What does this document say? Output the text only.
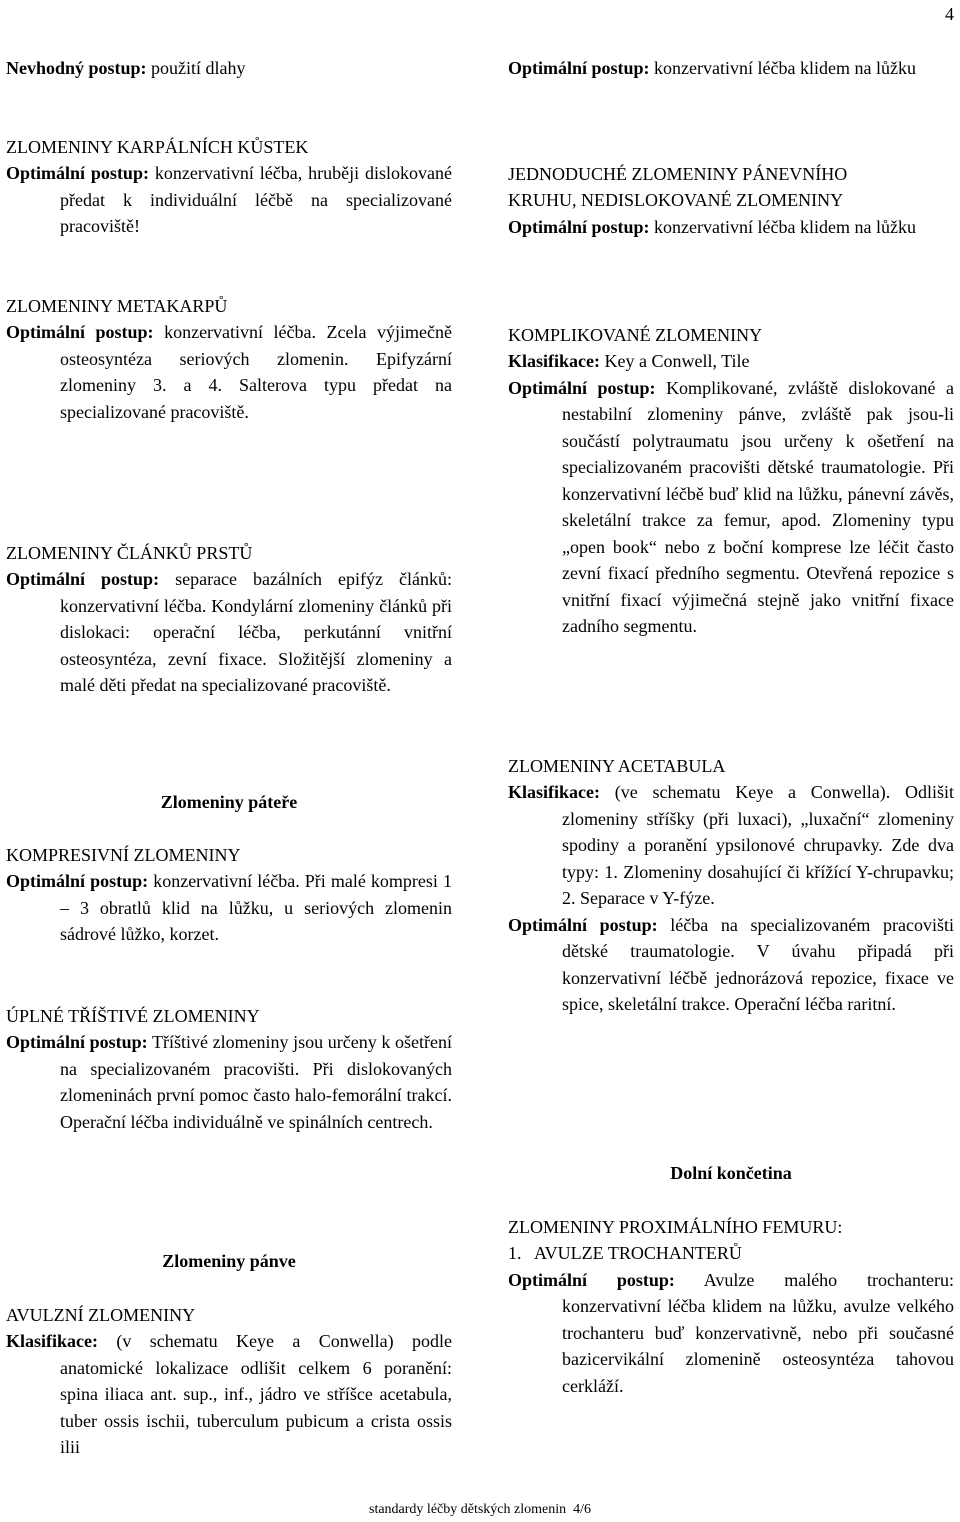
4

Nevhodný postup: použití dlahy

ZLOMENINY KARPÁLNÍCH KŮSTEK

Optimální postup: konzervativní léčba, hruběji dislokované předat k individuální léčbě na specializované pracoviště!

ZLOMENINY METAKARPŮ

Optimální postup: konzervativní léčba. Zcela výjimečně osteosyntéza seriových zlomenin. Epifyzární zlomeniny 3. a 4. Salterova typu předat na specializované pracoviště.

ZLOMENINY ČLÁNKŮ PRSTŮ

Optimální postup: separace bazálních epifýz článků: konzervativní léčba. Kondylární zlomeniny článků při dislokaci: operační léčba, perkutánní vnitřní osteosyntéza, zevní fixace. Složitější zlomeniny a malé děti předat na specializované pracoviště.

Zlomeniny páteře
KOMPRESIVNÍ ZLOMENINY

Optimální postup: konzervativní léčba. Při malé kompresi 1 – 3 obratlů klid na lůžku, u seriových zlomenin sádrové lůžko, korzet.

ÚPLNÉ TŘÍŠTIVÉ ZLOMENINY

Optimální postup: Tříštivé zlomeniny jsou určeny k ošetření na specializovaném pracovišti. Při dislokovaných zlomeninách první pomoc často halo-femorální trakcí. Operační léčba individuálně ve spinálních centrech.

Zlomeniny pánve
AVULZNÍ ZLOMENINY

Klasifikace: (v schematu Keye a Conwella) podle anatomické lokalizace odlišit celkem 6 poranění: spina iliaca ant. sup., inf., jádro ve stříšce acetabula, tuber ossis ischii, tuberculum pubicum a crista ossis ilii

Optimální postup: konzervativní léčba klidem na lůžku

JEDNODUCHÉ ZLOMENINY PÁNEVNÍHO
KRUHU, NEDISLOKOVANÉ ZLOMENINY

Optimální postup: konzervativní léčba klidem na lůžku

KOMPLIKOVANÉ ZLOMENINY

Klasifikace: Key a Conwell, Tile

Optimální postup: Komplikované, zvláště dislokované a nestabilní zlomeniny pánve, zvláště pak jsou-li součástí polytraumatu jsou určeny k ošetření na specializovaném pracovišti dětské traumatologie. Při konzervativní léčbě buď klid na lůžku, pánevní závěs, skeletální trakce za femur, apod. Zlomeniny typu „open book“ nebo z boční komprese lze léčit často zevní fixací předního segmentu. Otevřená repozice s vnitřní fixací výjimečná stejně jako vnitřní fixace zadního segmentu.

ZLOMENINY ACETABULA

Klasifikace: (ve schematu Keye a Conwella). Odlišit zlomeniny stříšky (při luxaci), „luxační“ zlomeniny spodiny a poranění ypsilonové chrupavky. Zde dva typy: 1. Zlomeniny dosahující či křížící Y-chrupavku; 2. Separace v Y-fýze.

Optimální postup: léčba na specializovaném pracovišti dětské traumatologie. V úvahu připadá při konzervativní léčbě jednorázová repozice, fixace ve spice, skeletální trakce. Operační léčba raritní.

Dolní končetina
ZLOMENINY PROXIMÁLNÍHO FEMURU:
1.   AVULZE TROCHANTERŮ

Optimální postup: Avulze malého trochanteru: konzervativní léčba klidem na lůžku, avulze velkého trochanteru buď konzervativně, nebo při současné bazicervikální zlomenině osteosyntéza tahovou cerkláží.

standardy léčby dětských zlomenin  4/6
